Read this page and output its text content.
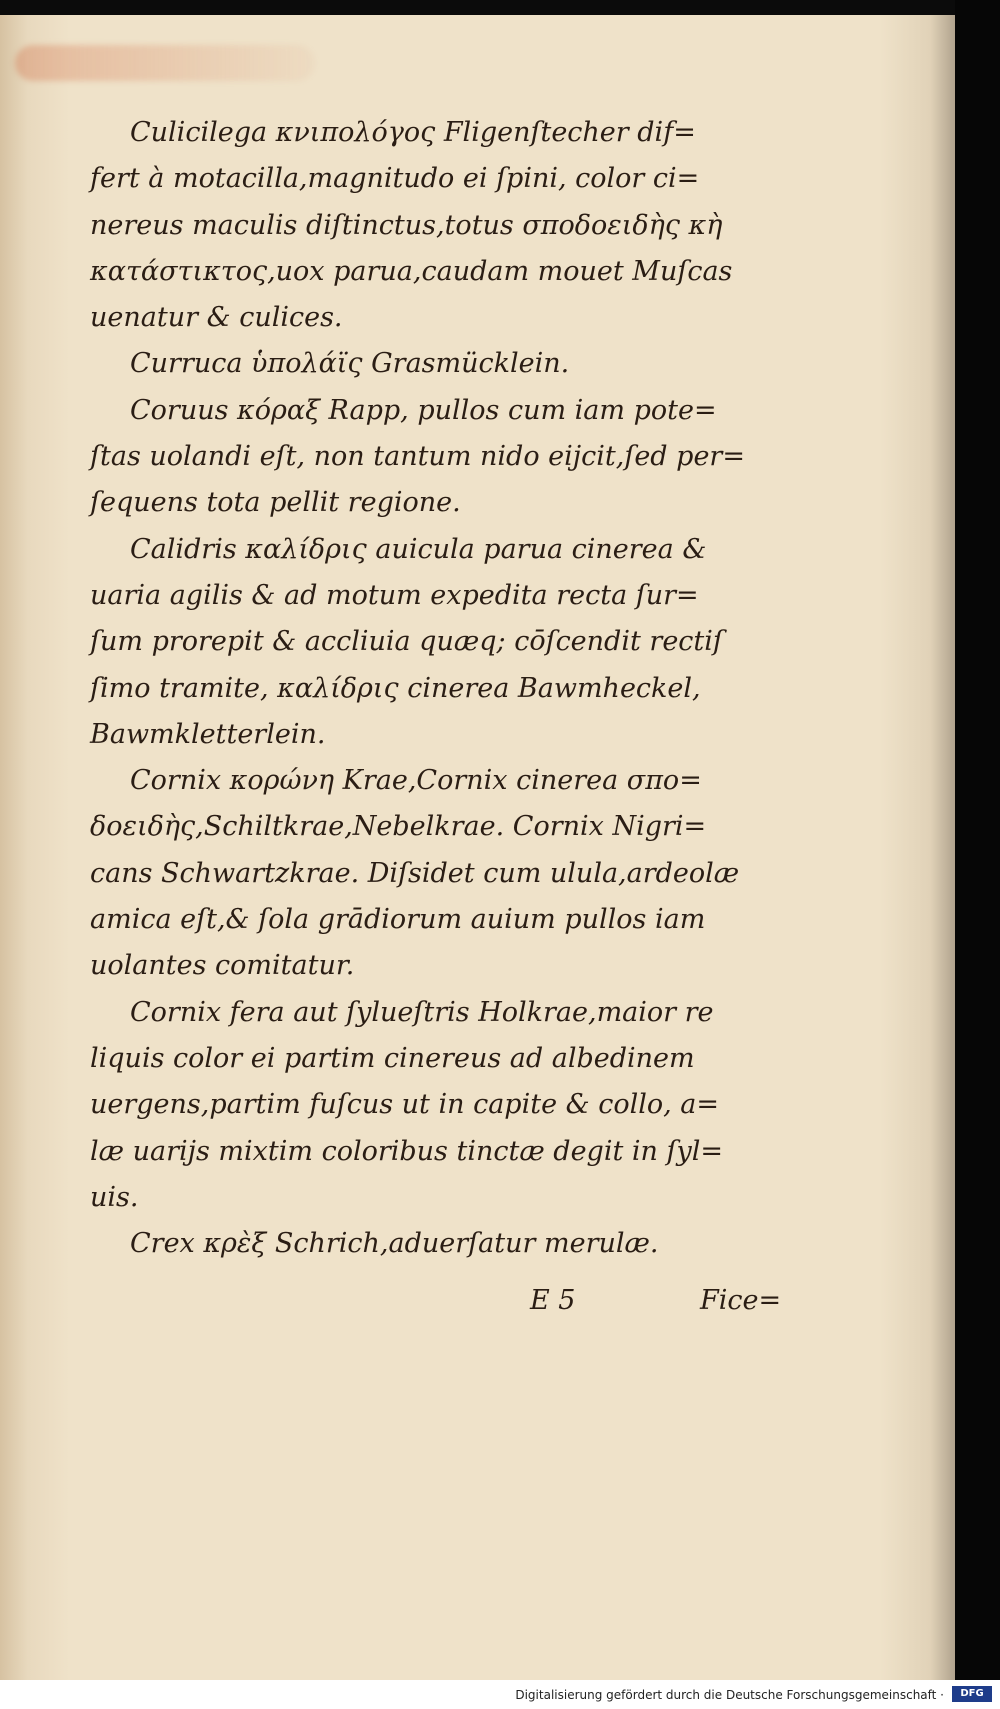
Culicilega κνιπολόγος Fligenſtecher dif=
fert à motacilla,magnitudo ei ſpini, color ci=
nereus maculis diſtinctus,totus σποδοειδὴς κὴ
κατάστικτος,uox parua,caudam mouet Muſcas
uenatur & culices.
Curruca ὑπολάϊς Grasmücklein.
Coruus κόραξ Rapp, pullos cum iam pote=
ſtas uolandi eſt, non tantum nido eijcit,ſed per=
ſequens tota pellit regione.
Calidris καλίδρις auicula parua cinerea &
uaria agilis & ad motum expedita recta ſur=
ſum prorepit & accliuia quæq; cōſcendit rectiſ
ſimo tramite, καλίδρις cinerea Bawmheckel,
Bawmkletterlein.
Cornix κορώνη Krae,Cornix cinerea σπο=
δοειδὴς,Schiltkrae,Nebelkrae. Cornix Nigri=
cans Schwartzkrae. Diſsidet cum ulula,ardeolæ
amica eſt,& ſola grādiorum auium pullos iam
uolantes comitatur.
Cornix fera aut ſylueſtris Holkrae,maior re
liquis color ei partim cinereus ad albedinem
uergens,partim fuſcus ut in capite & collo, a=
læ uarijs mixtim coloribus tinctæ degit in ſyl=
uis.
Crex κρὲξ Schrich,aduerſatur merulæ.
E 5	Fice=
Digitalisierung gefördert durch die Deutsche Forschungsgemeinschaft ·	DFG
